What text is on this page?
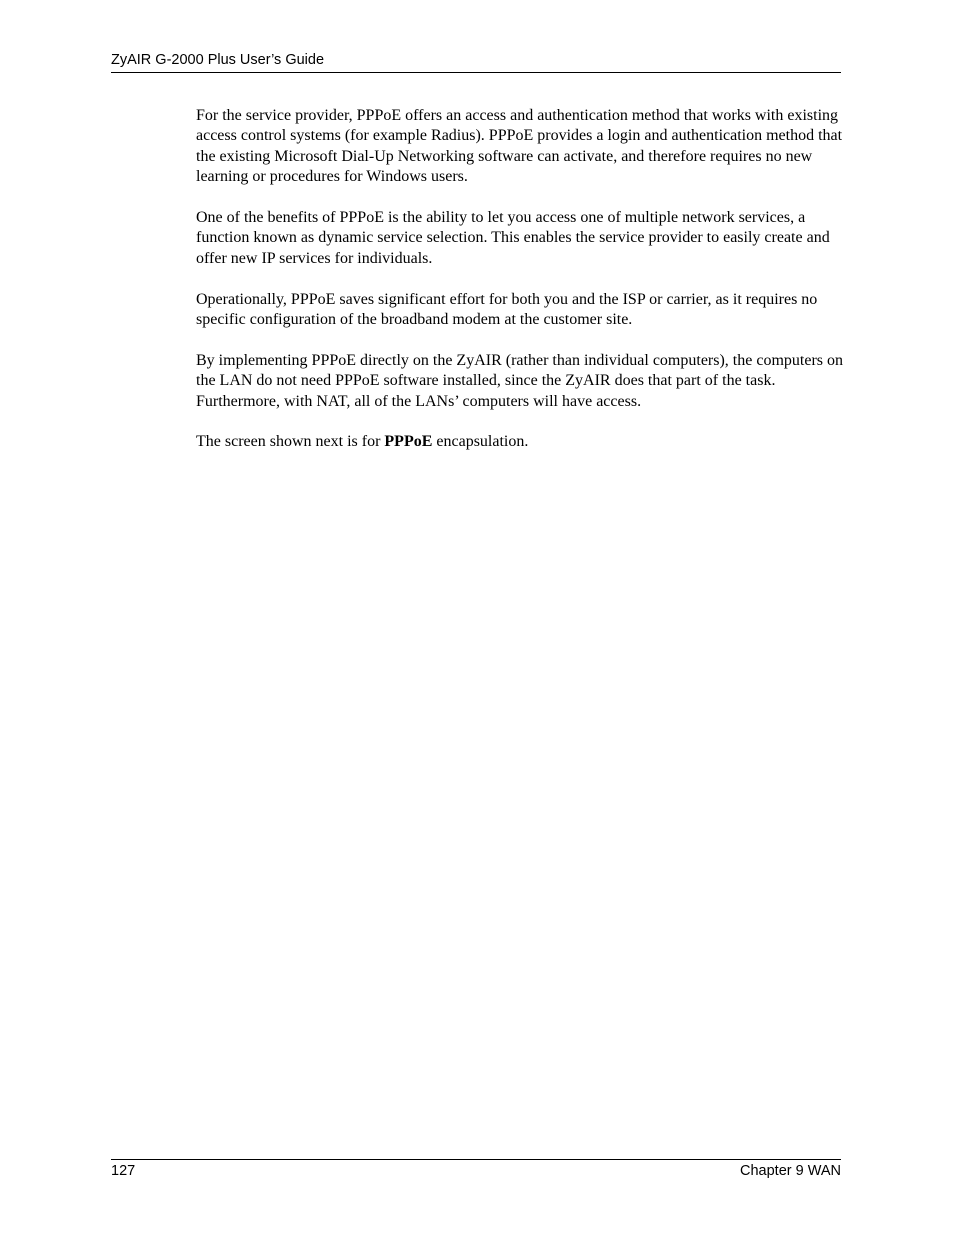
ZyAIR G-2000 Plus User’s Guide

For the service provider, PPPoE offers an access and authentication method that works with existing access control systems (for example Radius). PPPoE provides a login and authentication method that the existing Microsoft Dial-Up Networking software can activate, and therefore requires no new learning or procedures for Windows users.

One of the benefits of PPPoE is the ability to let you access one of multiple network services, a function known as dynamic service selection. This enables the service provider to easily create and offer new IP services for individuals.

Operationally, PPPoE saves significant effort for both you and the ISP or carrier, as it requires no specific configuration of the broadband modem at the customer site.

By implementing PPPoE directly on the ZyAIR (rather than individual computers), the computers on the LAN do not need PPPoE software installed, since the ZyAIR does that part of the task. Furthermore, with NAT, all of the LANs’ computers will have access.

The screen shown next is for PPPoE encapsulation.

127	Chapter 9 WAN
